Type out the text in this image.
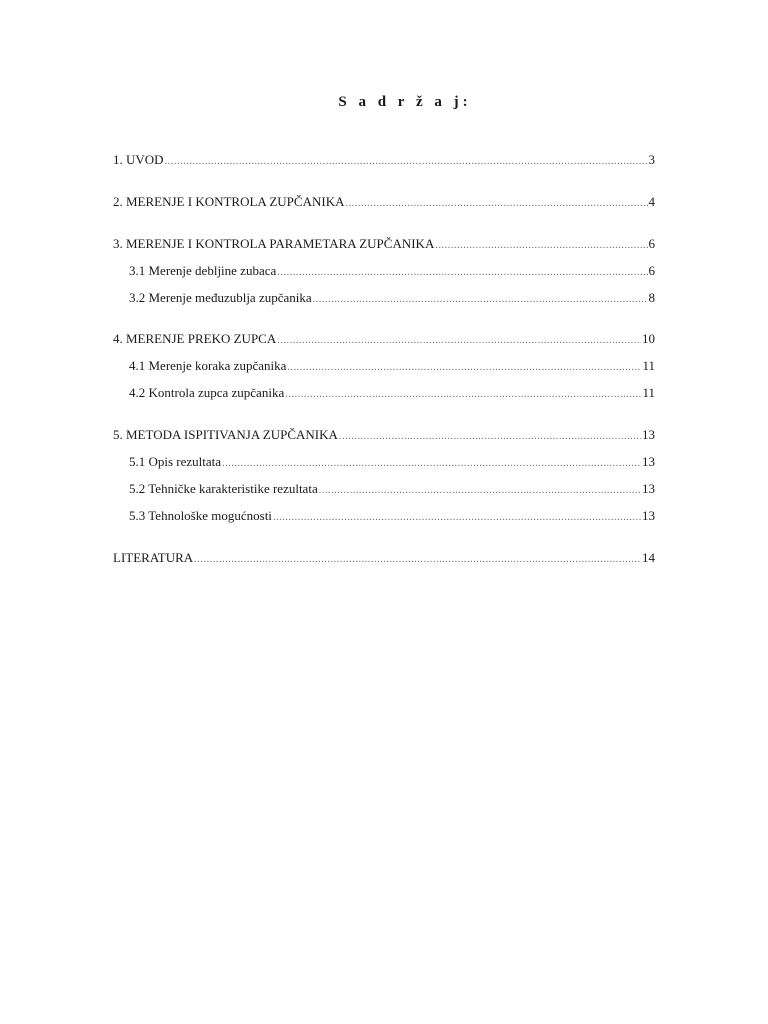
S a d r ž a j:
1. UVOD .....	3
2. MERENJE I KONTROLA ZUPČANIKA .....	4
3. MERENJE I KONTROLA PARAMETARA ZUPČANIKA .....	6
3.1 Merenje debljine zubaca .....	6
3.2 Merenje međuzublja zupčanika .....	8
4. MERENJE PREKO ZUPCA .....	10
4.1 Merenje koraka zupčanika .....	11
4.2 Kontrola zupca zupčanika .....	11
5. METODA ISPITIVANJA ZUPČANIKA .....	13
5.1 Opis rezultata .....	13
5.2 Tehničke karakteristike rezultata .....	13
5.3 Tehnološke mogućnosti .....	13
LITERATURA .....	14
